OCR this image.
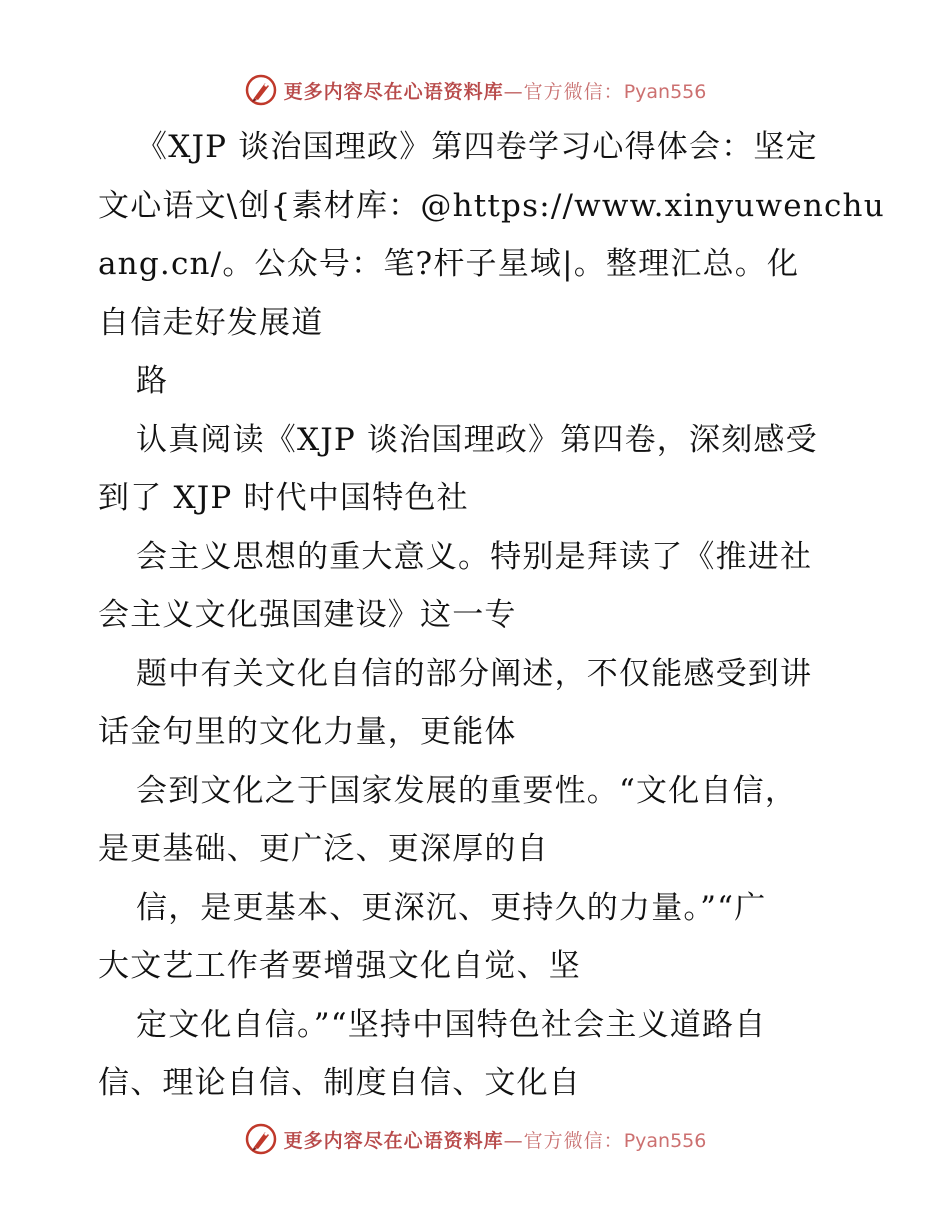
更多内容尽在心语资料库—官方微信：Pyan556
《XJP 谈治国理政》第四卷学习心得体会：坚定
文心语文\创{素材库：@https://www.xinyuwenchu
ang.cn/。公众号：笔?杆子星域|。整理汇总。化
自信走好发展道
路
认真阅读《XJP 谈治国理政》第四卷，深刻感受
到了 XJP 时代中国特色社
会主义思想的重大意义。特别是拜读了《推进社
会主义文化强国建设》这一专
题中有关文化自信的部分阐述，不仅能感受到讲
话金句里的文化力量，更能体
会到文化之于国家发展的重要性。“文化自信，
是更基础、更广泛、更深厚的自
信，是更基本、更深沉、更持久的力量。”“广
大文艺工作者要增强文化自觉、坚
定文化自信。”“坚持中国特色社会主义道路自
信、理论自信、制度自信、文化自
更多内容尽在心语资料库—官方微信：Pyan556
